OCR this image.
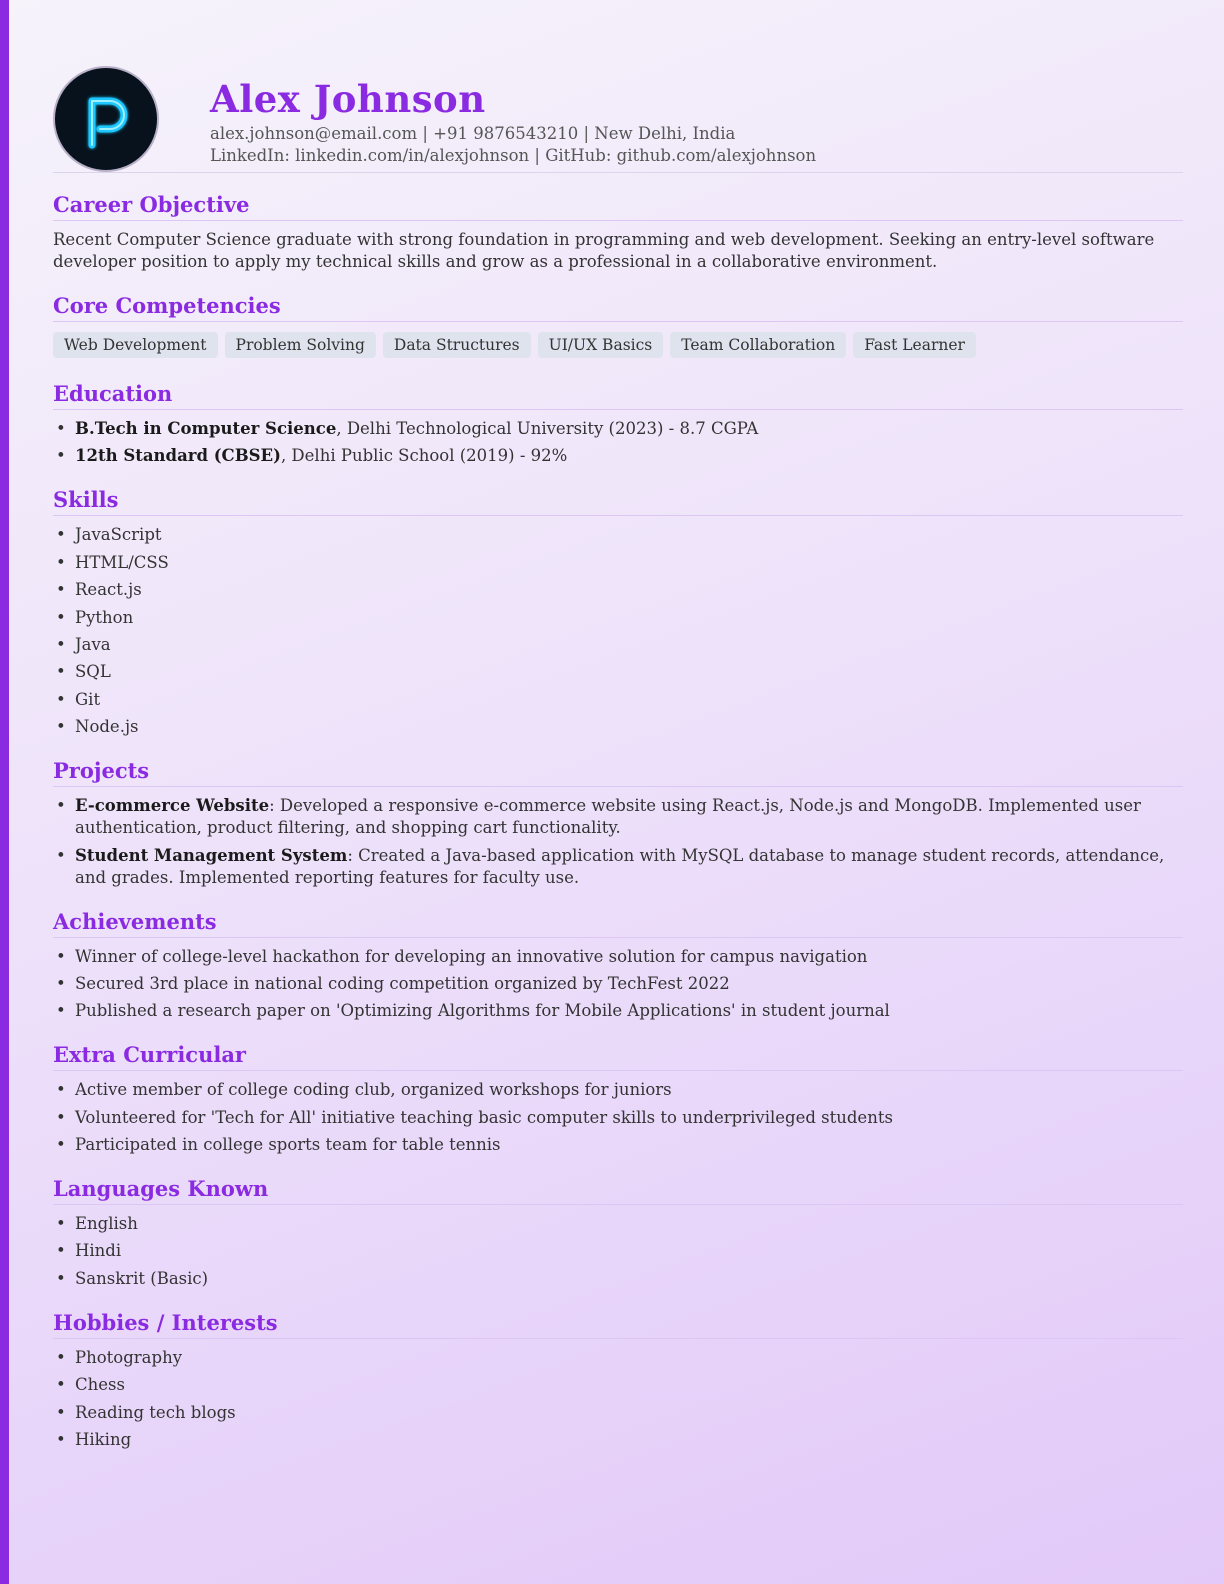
Alex Johnson
alex.johnson@email.com | +91 9876543210 | New Delhi, India
LinkedIn: linkedin.com/in/alexjohnson | GitHub: github.com/alexjohnson
Career Objective

Recent Computer Science graduate with strong foundation in programming and web development. Seeking an entry-level software developer position to apply my technical skills and grow as a professional in a collaborative environment.

Core Competencies
Web Development	Problem Solving	Data Structures	UI/UX Basics	Team Collaboration	Fast Learner
Education
• B.Tech in Computer Science, Delhi Technological University (2023) - 8.7 CGPA
• 12th Standard (CBSE), Delhi Public School (2019) - 92%
Skills
• JavaScript
• HTML/CSS
• React.js
• Python
• Java
• SQL
• Git
• Node.js
Projects
• E-commerce Website: Developed a responsive e-commerce website using React.js, Node.js and MongoDB. Implemented user authentication, product filtering, and shopping cart functionality.
• Student Management System: Created a Java-based application with MySQL database to manage student records, attendance, and grades. Implemented reporting features for faculty use.
Achievements
• Winner of college-level hackathon for developing an innovative solution for campus navigation
• Secured 3rd place in national coding competition organized by TechFest 2022
• Published a research paper on 'Optimizing Algorithms for Mobile Applications' in student journal
Extra Curricular
• Active member of college coding club, organized workshops for juniors
• Volunteered for 'Tech for All' initiative teaching basic computer skills to underprivileged students
• Participated in college sports team for table tennis
Languages Known
• English
• Hindi
• Sanskrit (Basic)
Hobbies / Interests
• Photography
• Chess
• Reading tech blogs
• Hiking
